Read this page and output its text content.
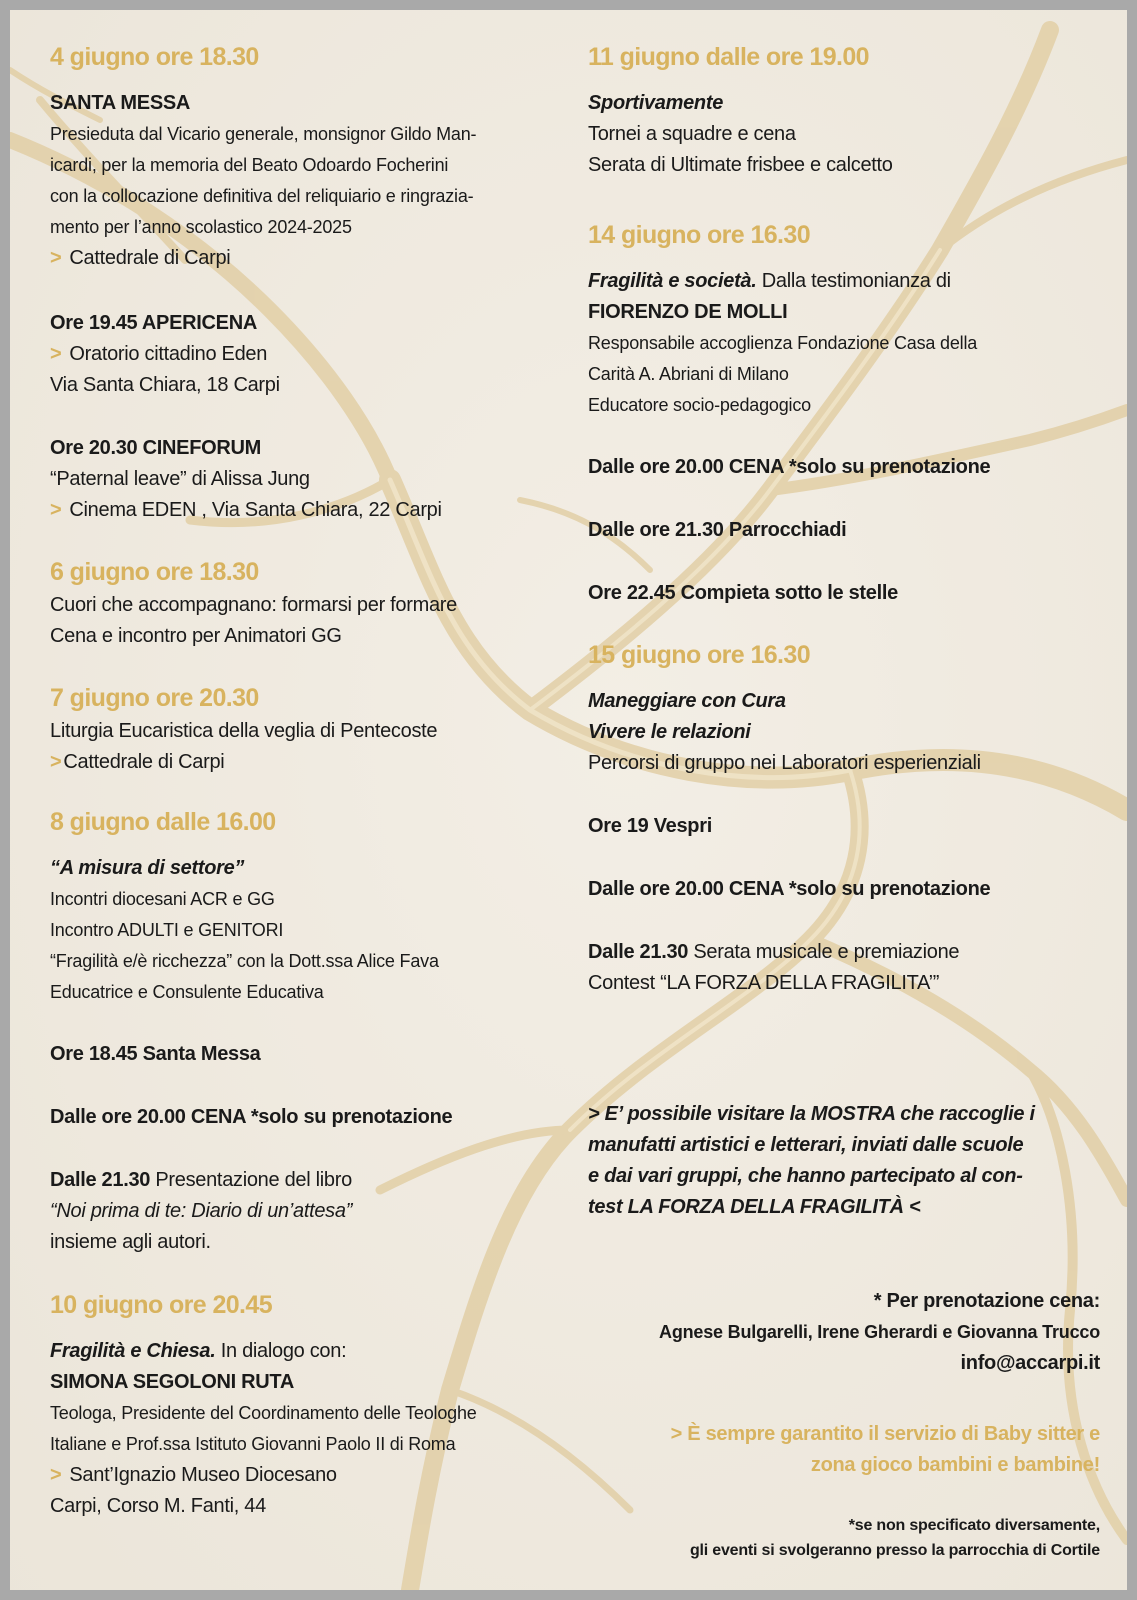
4 giugno ore 18.30
SANTA MESSA
Presieduta dal Vicario generale, monsignor Gildo Man-
icardi, per la memoria del Beato Odoardo Focherini
con la collocazione definitiva del reliquiario e ringrazia-
mento per l’anno scolastico 2024-2025
> Cattedrale di Carpi
Ore 19.45 APERICENA
> Oratorio cittadino Eden
Via Santa Chiara, 18 Carpi
Ore 20.30 CINEFORUM
“Paternal leave” di Alissa Jung
> Cinema EDEN , Via Santa Chiara, 22 Carpi
6 giugno ore 18.30
Cuori che accompagnano: formarsi per formare
Cena e incontro per Animatori GG
7 giugno ore 20.30
Liturgia Eucaristica della veglia di Pentecoste
> Cattedrale di Carpi
8 giugno dalle 16.00
“A misura di settore”
Incontri diocesani ACR e GG
Incontro ADULTI e GENITORI
“Fragilità e/è ricchezza” con la Dott.ssa Alice Fava
Educatrice e Consulente Educativa
Ore 18.45 Santa Messa
Dalle ore 20.00 CENA *solo su prenotazione
Dalle 21.30 Presentazione del libro
“Noi prima di te: Diario di un’attesa”
insieme agli autori.
10 giugno ore 20.45
Fragilità e Chiesa. In dialogo con:
SIMONA SEGOLONI RUTA
Teologa, Presidente del Coordinamento delle Teologhe
Italiane e Prof.ssa Istituto Giovanni Paolo II di Roma
> Sant’Ignazio Museo Diocesano
Carpi, Corso M. Fanti, 44
11 giugno dalle ore 19.00
Sportivamente
Tornei a squadre e cena
Serata di Ultimate frisbee e calcetto
14 giugno ore 16.30
Fragilità e società. Dalla testimonianza di
FIORENZO DE MOLLI
Responsabile accoglienza Fondazione Casa della
Carità A. Abriani di Milano
Educatore socio-pedagogico
Dalle ore 20.00 CENA *solo su prenotazione
Dalle ore 21.30 Parrocchiadi
Ore 22.45 Compieta sotto le stelle
15 giugno ore 16.30
Maneggiare con Cura
Vivere le relazioni
Percorsi di gruppo nei Laboratori esperienziali
Ore 19 Vespri
Dalle ore 20.00 CENA *solo su prenotazione
Dalle 21.30 Serata musicale e premiazione
Contest “LA FORZA DELLA FRAGILITA’”
> E’ possibile visitare la MOSTRA che raccoglie i
manufatti artistici e letterari, inviati dalle scuole
e dai vari gruppi, che hanno partecipato al con-
test LA FORZA DELLA FRAGILITÀ <
* Per prenotazione cena:
Agnese Bulgarelli, Irene Gherardi e Giovanna Trucco
info@accarpi.it
> È sempre garantito il servizio di Baby sitter e
zona gioco bambini e bambine!
*se non specificato diversamente,
gli eventi si svolgeranno presso la parrocchia di Cortile
